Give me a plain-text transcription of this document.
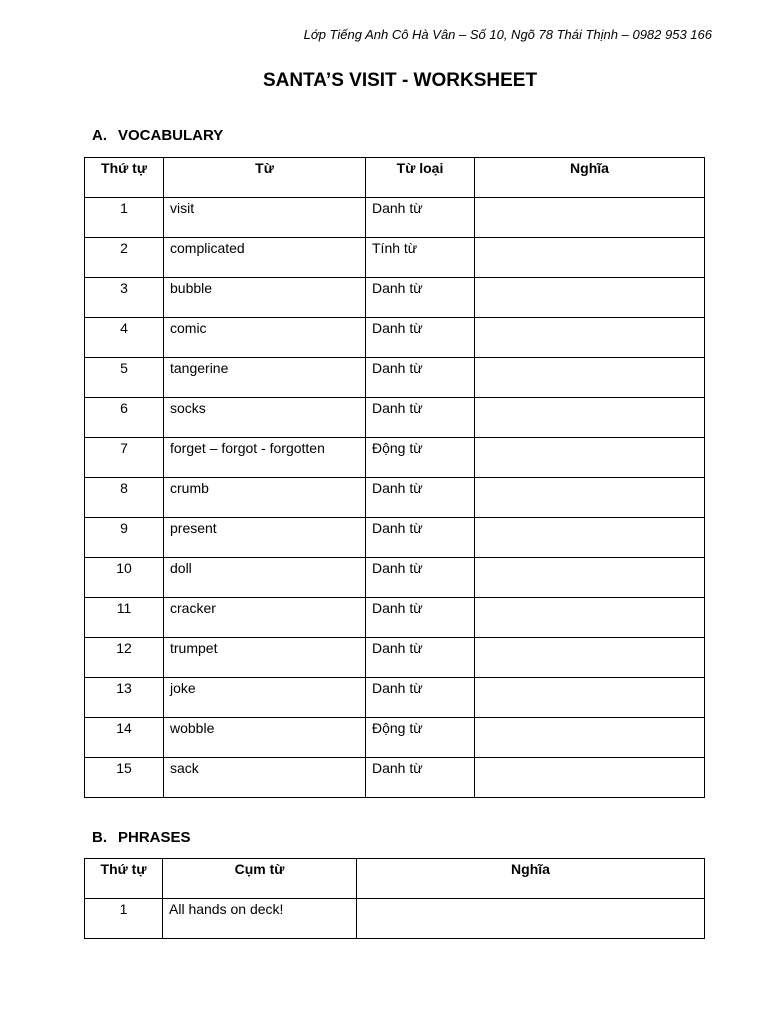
Lớp Tiếng Anh Cô Hà Vân – Số 10, Ngõ 78 Thái Thịnh – 0982 953 166
SANTA’S VISIT - WORKSHEET
A. VOCABULARY
Thứ tự	Từ	Từ loại	Nghĩa
1	visit	Danh từ	
2	complicated	Tính từ	
3	bubble	Danh từ	
4	comic	Danh từ	
5	tangerine	Danh từ	
6	socks	Danh từ	
7	forget – forgot - forgotten	Động từ	
8	crumb	Danh từ	
9	present	Danh từ	
10	doll	Danh từ	
11	cracker	Danh từ	
12	trumpet	Danh từ	
13	joke	Danh từ	
14	wobble	Động từ	
15	sack	Danh từ	
B. PHRASES
Thứ tự	Cụm từ	Nghĩa
1	All hands on deck!	
